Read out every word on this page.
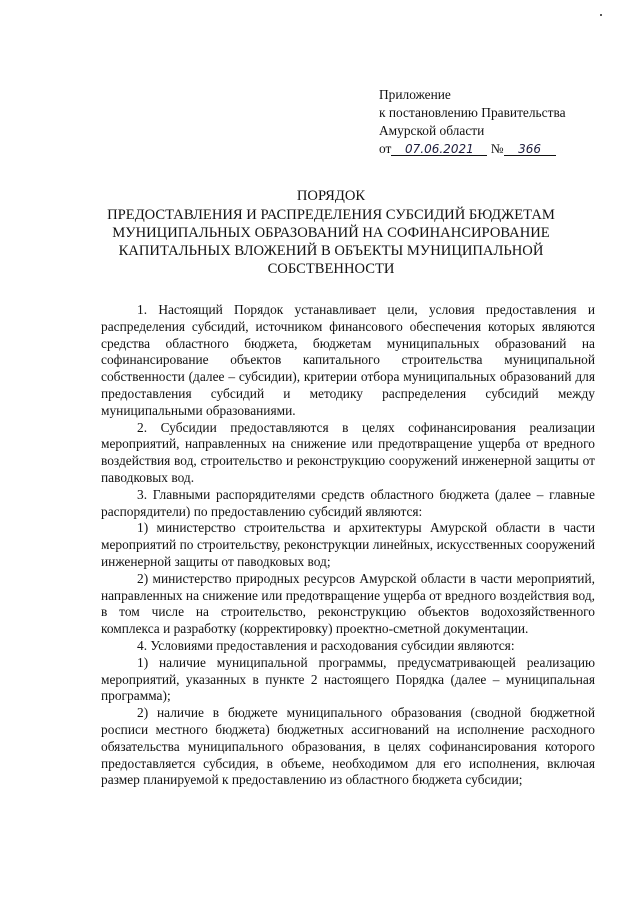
Приложение
к постановлению Правительства
Амурской области
от 07.06.2021 № 366
ПОРЯДОК
ПРЕДОСТАВЛЕНИЯ И РАСПРЕДЕЛЕНИЯ СУБСИДИЙ БЮДЖЕТАМ МУНИЦИПАЛЬНЫХ ОБРАЗОВАНИЙ НА СОФИНАНСИРОВАНИЕ КАПИТАЛЬНЫХ ВЛОЖЕНИЙ В ОБЪЕКТЫ МУНИЦИПАЛЬНОЙ СОБСТВЕННОСТИ

1. Настоящий Порядок устанавливает цели, условия предоставления и распределения субсидий, источником финансового обеспечения которых являются средства областного бюджета, бюджетам муниципальных образований на софинансирование объектов капитального строительства муниципальной собственности (далее – субсидии), критерии отбора муниципальных образований для предоставления субсидий и методику распределения субсидий между муниципальными образованиями.

2. Субсидии предоставляются в целях софинансирования реализации мероприятий, направленных на снижение или предотвращение ущерба от вредного воздействия вод, строительство и реконструкцию сооружений инженерной защиты от паводковых вод.

3. Главными распорядителями средств областного бюджета (далее – главные распорядители) по предоставлению субсидий являются:

1) министерство строительства и архитектуры Амурской области в части мероприятий по строительству, реконструкции линейных, искусственных сооружений инженерной защиты от паводковых вод;

2) министерство природных ресурсов Амурской области в части мероприятий, направленных на снижение или предотвращение ущерба от вредного воздействия вод, в том числе на строительство, реконструкцию объектов водохозяйственного комплекса и разработку (корректировку) проектно-сметной документации.

4. Условиями предоставления и расходования субсидии являются:

1) наличие муниципальной программы, предусматривающей реализацию мероприятий, указанных в пункте 2 настоящего Порядка (далее – муниципальная программа);

2) наличие в бюджете муниципального образования (сводной бюджетной росписи местного бюджета) бюджетных ассигнований на исполнение расходного обязательства муниципального образования, в целях софинансирования которого предоставляется субсидия, в объеме, необходимом для его исполнения, включая размер планируемой к предоставлению из областного бюджета субсидии;
